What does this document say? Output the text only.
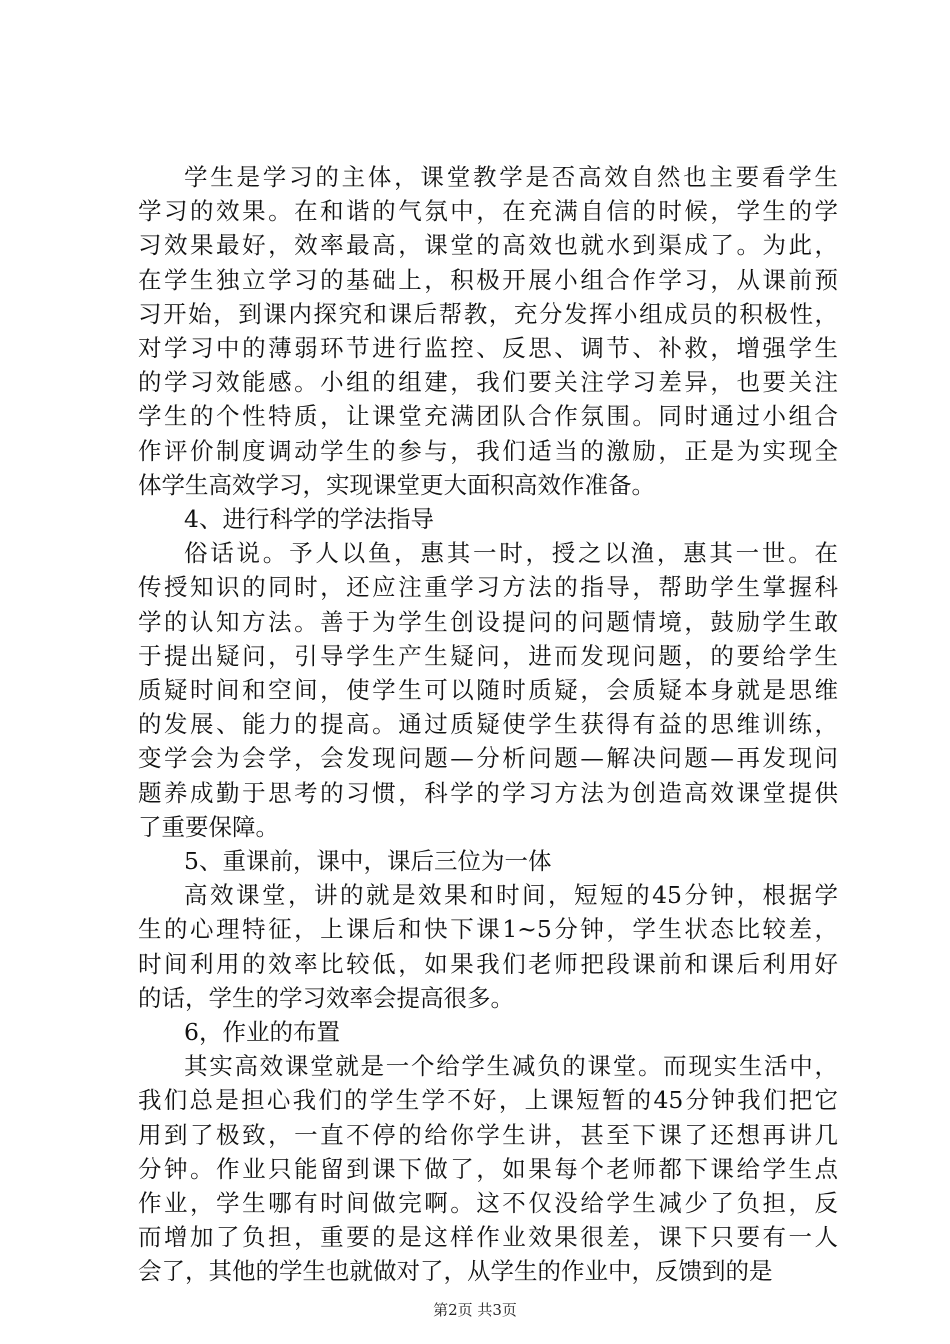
学生是学习的主体，课堂教学是否高效自然也主要看学生
学习的效果。在和谐的气氛中，在充满自信的时候，学生的学
习效果最好，效率最高，课堂的高效也就水到渠成了。为此，
在学生独立学习的基础上，积极开展小组合作学习，从课前预
习开始，到课内探究和课后帮教，充分发挥小组成员的积极性，
对学习中的薄弱环节进行监控、反思、调节、补救，增强学生
的学习效能感。小组的组建，我们要关注学习差异，也要关注
学生的个性特质，让课堂充满团队合作氛围。同时通过小组合
作评价制度调动学生的参与，我们适当的激励，正是为实现全
体学生高效学习，实现课堂更大面积高效作准备。
4、进行科学的学法指导
俗话说。予人以鱼，惠其一时，授之以渔，惠其一世。在
传授知识的同时，还应注重学习方法的指导，帮助学生掌握科
学的认知方法。善于为学生创设提问的问题情境，鼓励学生敢
于提出疑问，引导学生产生疑问，进而发现问题，的要给学生
质疑时间和空间，使学生可以随时质疑，会质疑本身就是思维
的发展、能力的提高。通过质疑使学生获得有益的思维训练，
变学会为会学，会发现问题—分析问题—解决问题—再发现问
题养成勤于思考的习惯，科学的学习方法为创造高效课堂提供
了重要保障。
5、重课前，课中，课后三位为一体
高效课堂，讲的就是效果和时间，短短的45分钟，根据学
生的心理特征，上课后和快下课1~5分钟，学生状态比较差，
时间利用的效率比较低，如果我们老师把段课前和课后利用好
的话，学生的学习效率会提高很多。
6，作业的布置
其实高效课堂就是一个给学生减负的课堂。而现实生活中，
我们总是担心我们的学生学不好，上课短暂的45分钟我们把它
用到了极致，一直不停的给你学生讲，甚至下课了还想再讲几
分钟。作业只能留到课下做了，如果每个老师都下课给学生点
作业，学生哪有时间做完啊。这不仅没给学生减少了负担，反
而增加了负担，重要的是这样作业效果很差，课下只要有一人
会了，其他的学生也就做对了，从学生的作业中，反馈到的是
第2页 共3页
